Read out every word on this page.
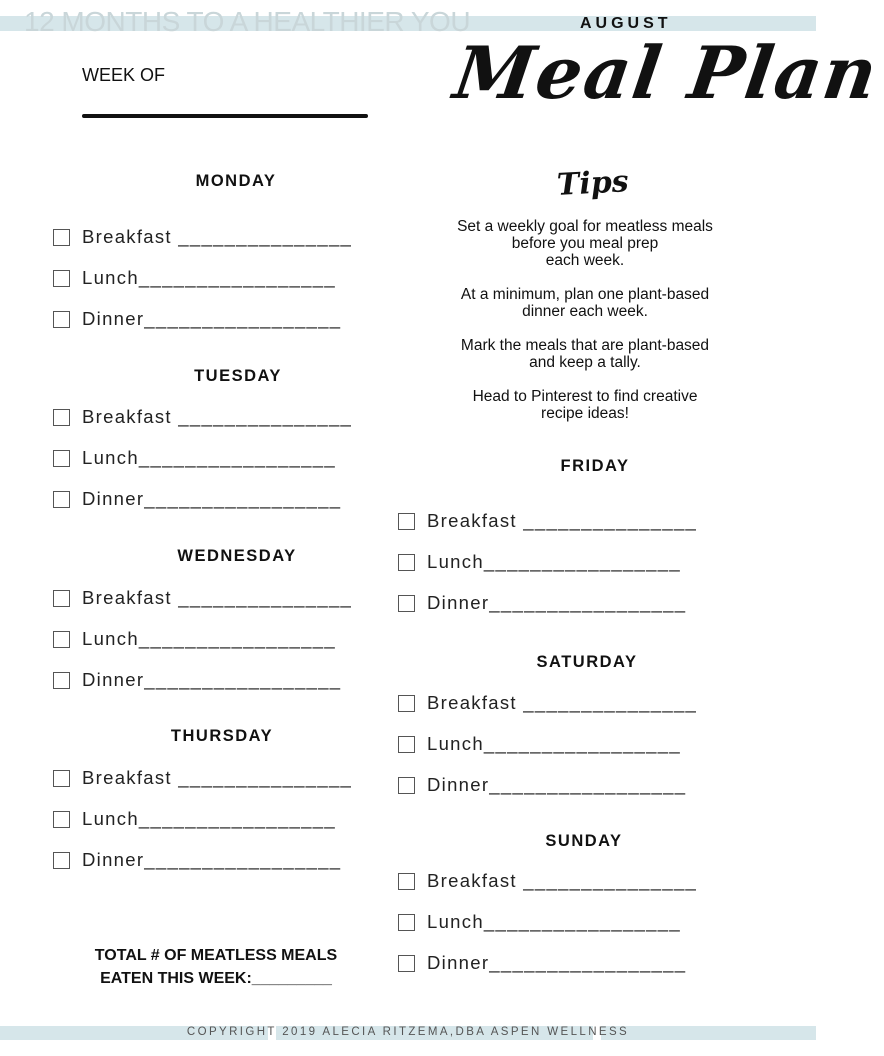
12 MONTHS TO A HEALTHIER YOU	AUGUST
WEEK OF	Meal Plan
Tips

Set a weekly goal for meatless meals
before you meal prep
each week.

At a minimum, plan one plant-based
dinner each week.

Mark the meals that are plant-based
and keep a tally.

Head to Pinterest to find creative
recipe ideas!

MONDAY
Breakfast _______________
Lunch_________________
Dinner_________________
TUESDAY
Breakfast _______________
Lunch_________________
Dinner_________________
WEDNESDAY
Breakfast _______________
Lunch_________________
Dinner_________________
THURSDAY
Breakfast _______________
Lunch_________________
Dinner_________________
FRIDAY
Breakfast _______________
Lunch_________________
Dinner_________________
SATURDAY
Breakfast _______________
Lunch_________________
Dinner_________________
SUNDAY
Breakfast _______________
Lunch_________________
Dinner_________________
TOTAL # OF MEATLESS MEALS
EATEN THIS WEEK:_________
COPYRIGHT 2019 ALECIA RITZEMA,DBA ASPEN WELLNESS
